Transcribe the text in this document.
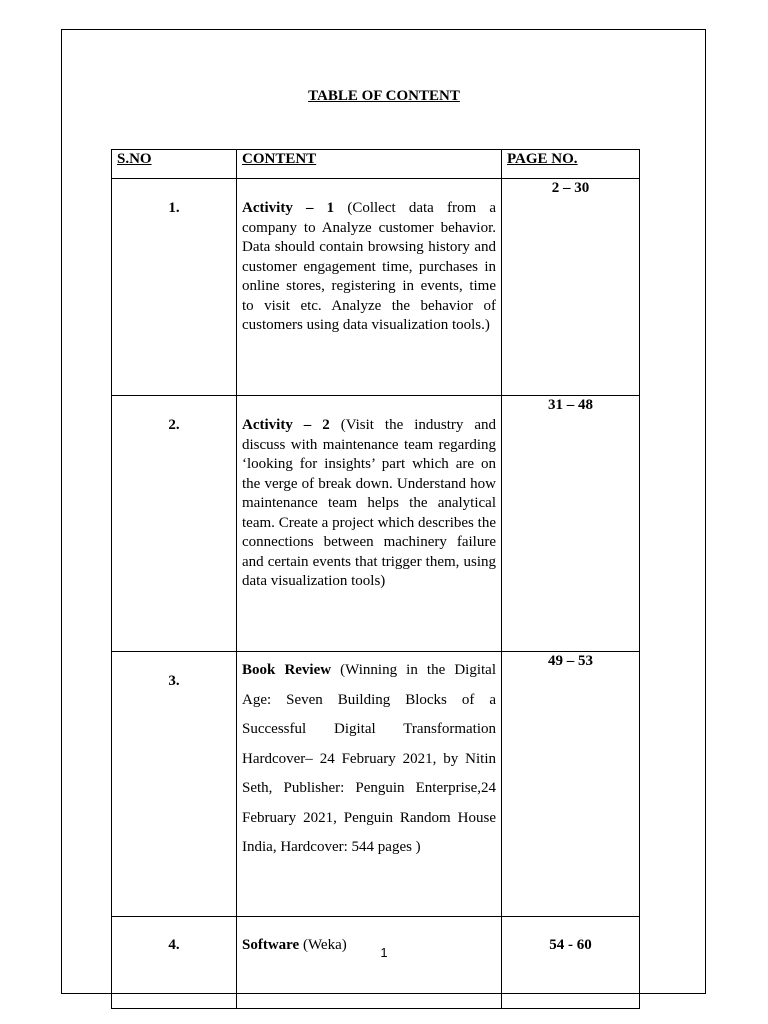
TABLE OF CONTENT
S.NO	CONTENT	PAGE NO.
1.	Activity – 1 (Collect data from a company to Analyze customer behavior. Data should contain browsing history and customer engagement time, purchases in online stores, registering in events, time to visit etc. Analyze the behavior of customers using data visualization tools.)	2 – 30
2.	Activity – 2 (Visit the industry and discuss with maintenance team regarding ‘looking for insights’ part which are on the verge of break down. Understand how maintenance team helps the analytical team. Create a project which describes the connections between machinery failure and certain events that trigger them, using data visualization tools)	31 – 48
3.	Book Review (Winning in the Digital Age: Seven Building Blocks of a Successful Digital Transformation Hardcover– 24 February 2021, by Nitin Seth, Publisher: Penguin Enterprise,24 February 2021, Penguin Random House India, Hardcover: 544 pages )	49 – 53
4.	Software (Weka)	54 - 60
1
